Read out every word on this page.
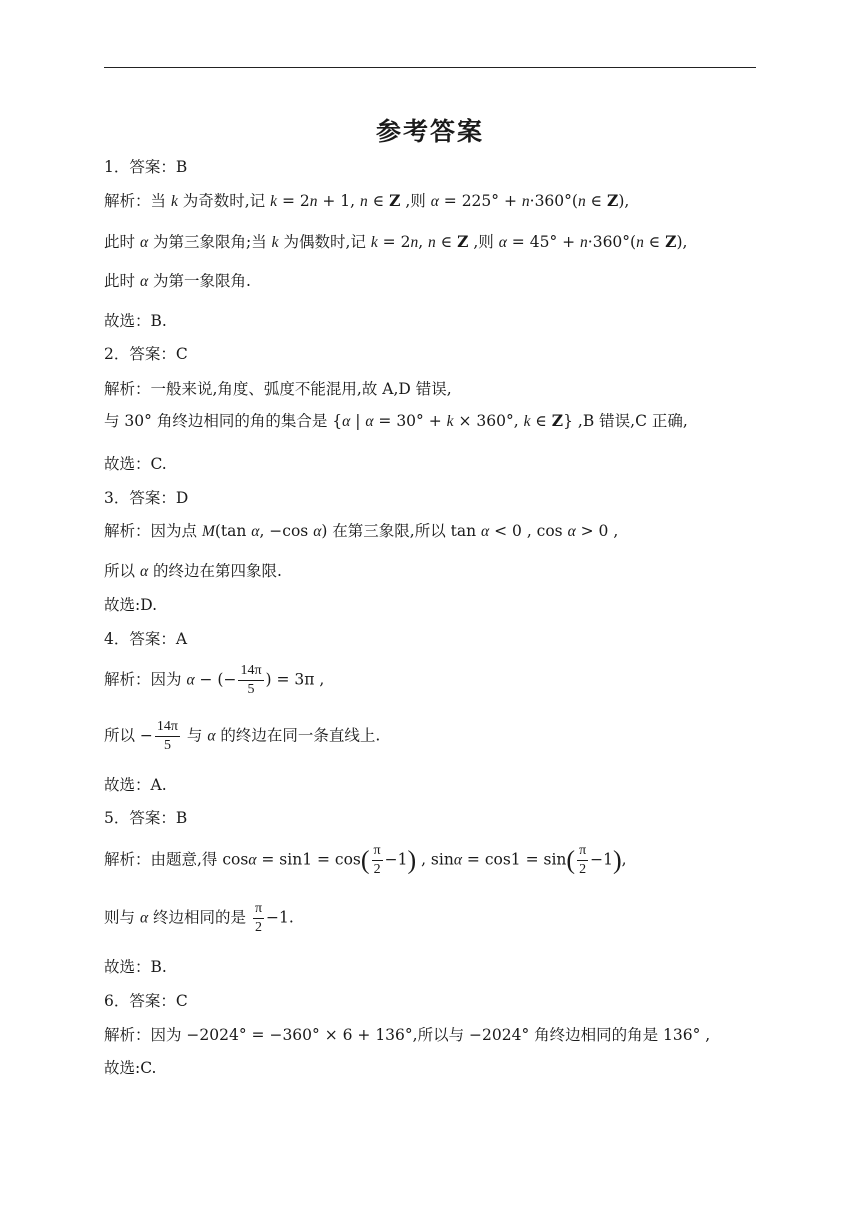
参考答案
1．答案：B
解析：当 k 为奇数时,记 k = 2n + 1, n ∈ Z ,则 α = 225° + n·360°(n ∈ Z),
此时 α 为第三象限角;当 k 为偶数时,记 k = 2n, n ∈ Z ,则 α = 45° + n·360°(n ∈ Z),
此时 α 为第一象限角.
故选：B.
2．答案：C
解析：一般来说,角度、弧度不能混用,故 A,D 错误,
与 30° 角终边相同的角的集合是 {α | α = 30° + k × 360°, k ∈ Z} ,B 错误,C 正确,
故选：C.
3．答案：D
解析：因为点 M(tan α, −cos α) 在第三象限,所以 tan α < 0 , cos α > 0 ,
所以 α 的终边在第四象限.
故选:D.
4．答案：A
解析：因为 α − (− $\frac{14\pi}{5}$ ) = 3π ,
所以 − $\frac{14\pi}{5}$ 与 α 的终边在同一条直线上.
故选：A.
5．答案：B
解析：由题意,得 $\cos\alpha = \sin 1 = \cos( \frac{\pi}{2} -1)$ , $\sin\alpha = \cos 1 = \sin( \frac{\pi}{2} -1)$,
则与 α 终边相同的是 $\frac{\pi}{2} -1$.
故选：B.
6．答案：C
解析：因为 −2024° = −360° × 6 + 136°,所以与 −2024° 角终边相同的角是 136° ,
故选:C.
